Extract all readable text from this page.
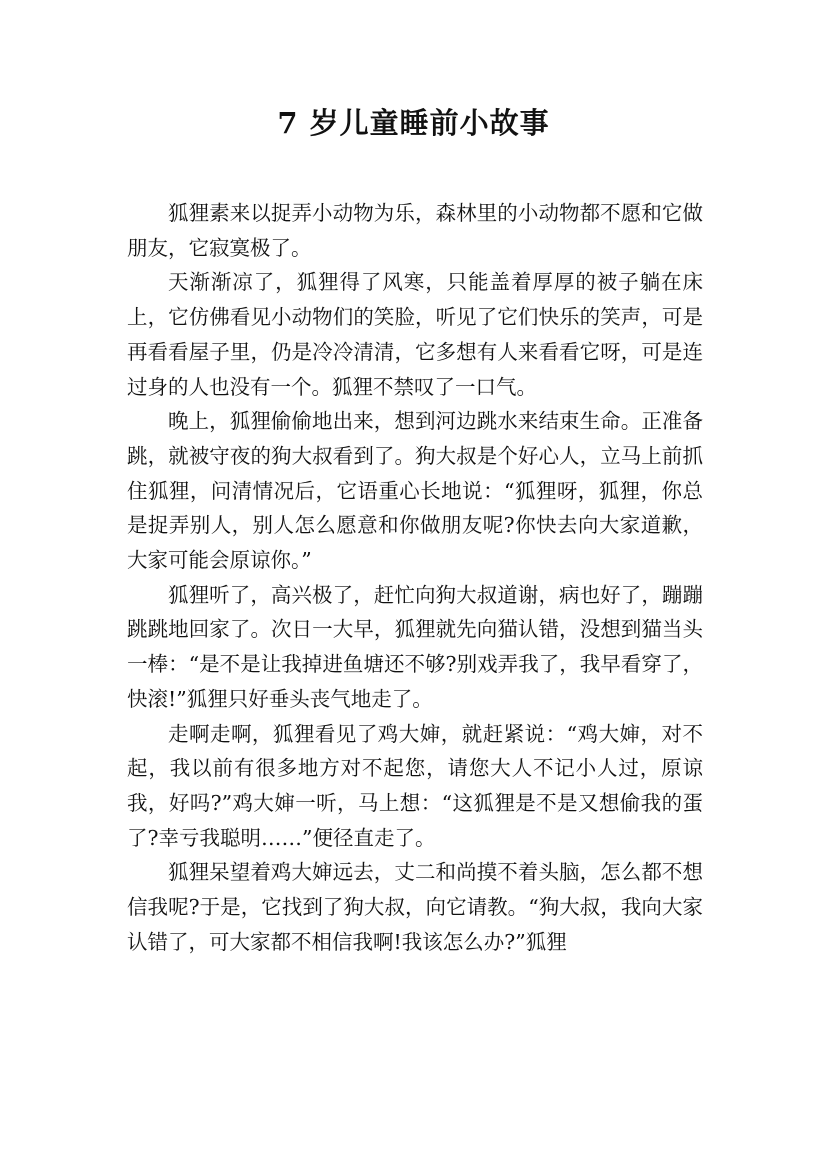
7 岁儿童睡前小故事

狐狸素来以捉弄小动物为乐，森林里的小动物都不愿和它做朋友，它寂寞极了。

天渐渐凉了，狐狸得了风寒，只能盖着厚厚的被子躺在床上，它仿佛看见小动物们的笑脸，听见了它们快乐的笑声，可是再看看屋子里，仍是冷冷清清，它多想有人来看看它呀，可是连过身的人也没有一个。狐狸不禁叹了一口气。

晚上，狐狸偷偷地出来，想到河边跳水来结束生命。正准备跳，就被守夜的狗大叔看到了。狗大叔是个好心人，立马上前抓住狐狸，问清情况后，它语重心长地说：“狐狸呀，狐狸，你总是捉弄别人，别人怎么愿意和你做朋友呢?你快去向大家道歉，大家可能会原谅你。”

狐狸听了，高兴极了，赶忙向狗大叔道谢，病也好了，蹦蹦跳跳地回家了。次日一大早，狐狸就先向猫认错，没想到猫当头一棒：“是不是让我掉进鱼塘还不够?别戏弄我了，我早看穿了，快滚!”狐狸只好垂头丧气地走了。

走啊走啊，狐狸看见了鸡大婶，就赶紧说：“鸡大婶，对不起，我以前有很多地方对不起您，请您大人不记小人过，原谅我，好吗?”鸡大婶一听，马上想：“这狐狸是不是又想偷我的蛋了?幸亏我聪明……”便径直走了。

狐狸呆望着鸡大婶远去，丈二和尚摸不着头脑，怎么都不想信我呢?于是，它找到了狗大叔，向它请教。“狗大叔，我向大家认错了，可大家都不相信我啊!我该怎么办?”狐狸
